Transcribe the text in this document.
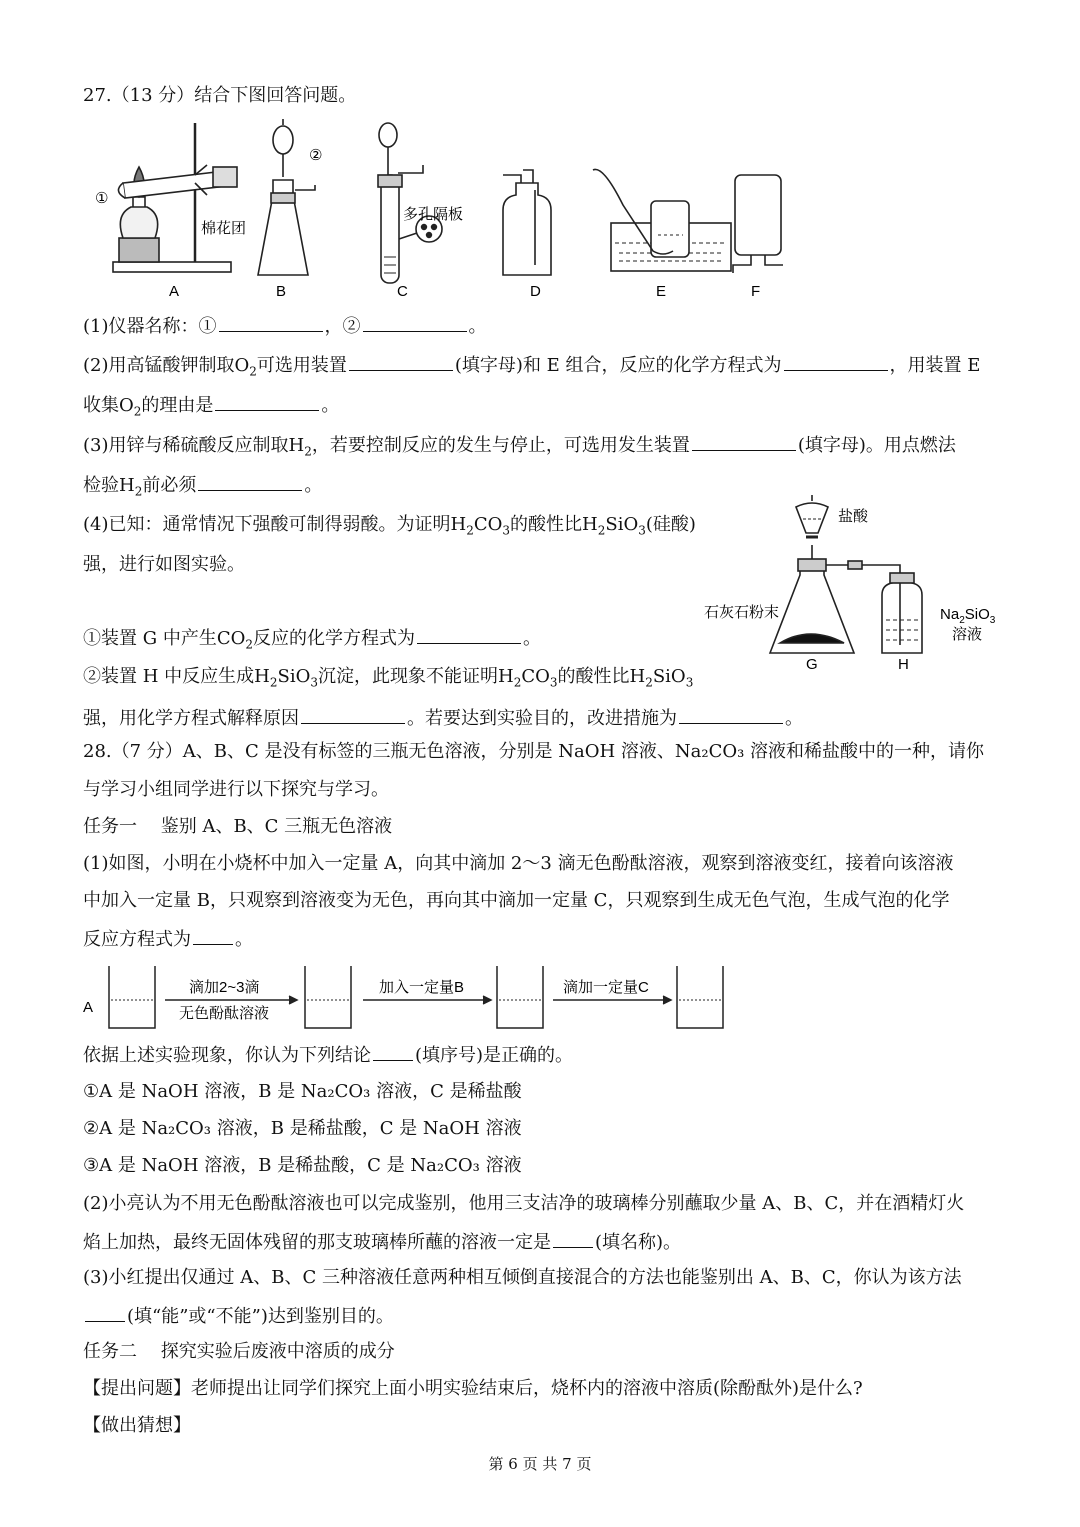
27.（13 分）结合下图回答问题。
①
②
棉花团
多孔隔板
A	B	C	D	E	F
(1)仪器名称：①	，②	。
(2)用高锰酸钾制取$O_2$可选用装置	(填字母)和 E 组合，反应的化学方程式为	，用装置 E
收集$O_2$的理由是	。
(3)用锌与稀硫酸反应制取$H_2$，若要控制反应的发生与停止，可选用发生装置	(填字母)。用点燃法
检验$H_2$前必须	。
(4)已知：通常情况下强酸可制得弱酸。为证明$H_2CO_3$的酸性比$H_2SiO_3$(硅酸)
强，进行如图实验。
①装置 G 中产生$CO_2$反应的化学方程式为	。
②装置 H 中反应生成$H_2SiO_3$沉淀，此现象不能证明$H_2CO_3$的酸性比$H_2SiO_3$
强，用化学方程式解释原因	。若要达到实验目的，改进措施为	。
盐酸
石灰石粉末	$Na_2SiO_3$
溶液
G	H
28.（7 分）A、B、C 是没有标签的三瓶无色溶液，分别是 NaOH 溶液、Na₂CO₃ 溶液和稀盐酸中的一种，请你
与学习小组同学进行以下探究与学习。
任务一　 鉴别 A、B、C 三瓶无色溶液
(1)如图，小明在小烧杯中加入一定量 A，向其中滴加 2～3 滴无色酚酞溶液，观察到溶液变红，接着向该溶液
中加入一定量 B，只观察到溶液变为无色，再向其中滴加一定量 C，只观察到生成无色气泡，生成气泡的化学
反应方程式为 。
A
滴加2~3滴
无色酚酞溶液
加入一定量B	滴加一定量C
依据上述实验现象，你认为下列结论 (填序号)是正确的。
①A 是 NaOH 溶液，B 是 Na₂CO₃ 溶液，C 是稀盐酸
②A 是 Na₂CO₃ 溶液，B 是稀盐酸，C 是 NaOH 溶液
③A 是 NaOH 溶液，B 是稀盐酸，C 是 Na₂CO₃ 溶液
(2)小亮认为不用无色酚酞溶液也可以完成鉴别，他用三支洁净的玻璃棒分别蘸取少量 A、B、C，并在酒精灯火
焰上加热，最终无固体残留的那支玻璃棒所蘸的溶液一定是 (填名称)。
(3)小红提出仅通过 A、B、C 三种溶液任意两种相互倾倒直接混合的方法也能鉴别出 A、B、C，你认为该方法
(填“能”或“不能”)达到鉴别目的。
任务二　 探究实验后废液中溶质的成分
【提出问题】老师提出让同学们探究上面小明实验结束后，烧杯内的溶液中溶质(除酚酞外)是什么?
【做出猜想】
第 6 页 共 7 页
